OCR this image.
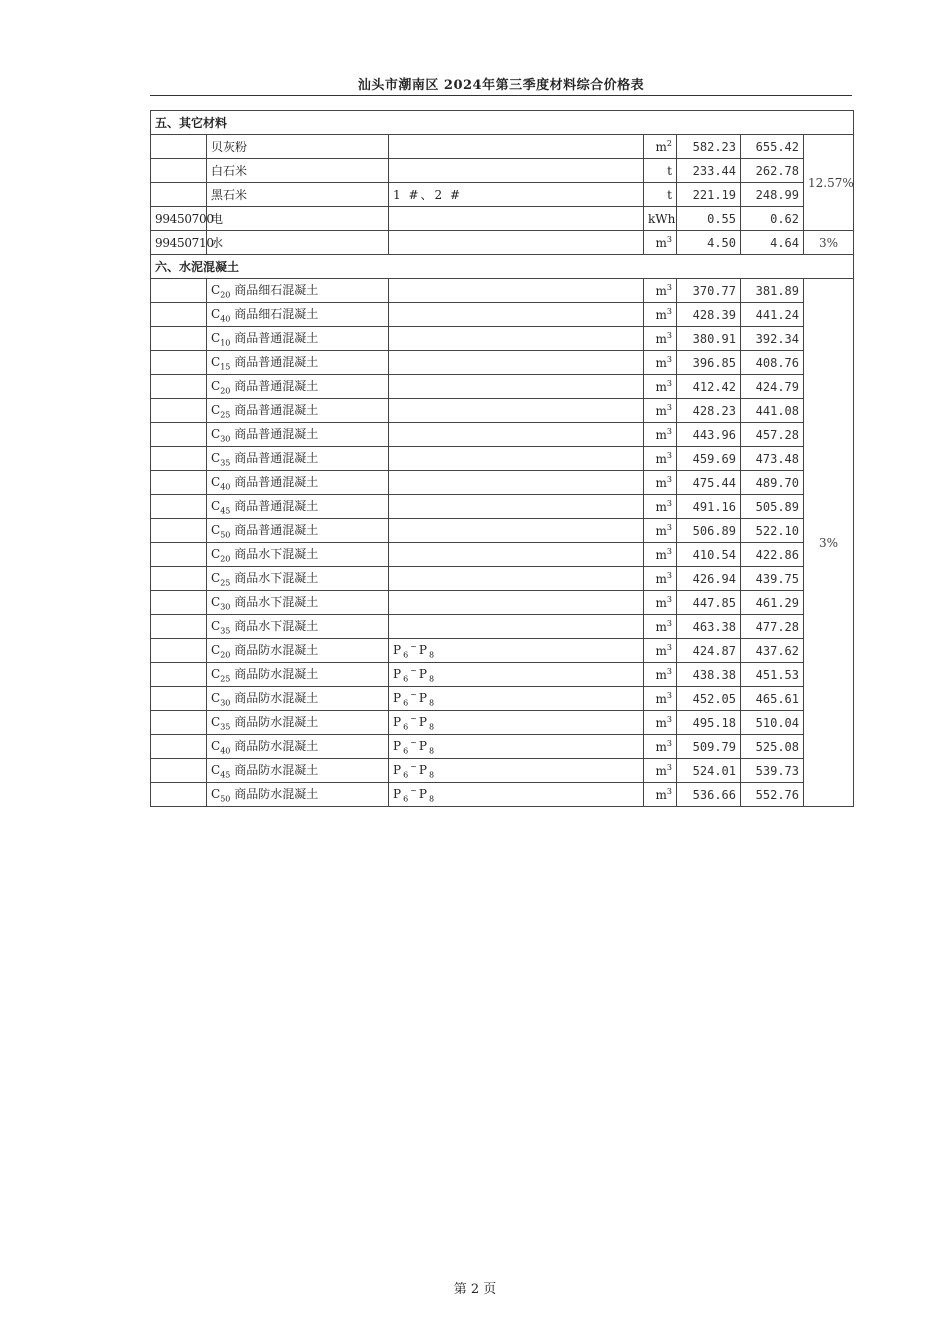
汕头市潮南区 2024年第三季度材料综合价格表
五、其它材料						
	贝灰粉		$m^2$	582.23	655.42	12.57%
	白石米		t	233.44	262.78	
	黑石米	1 #、2 #	t	221.19	248.99	
99450700	电		kWh	0.55	0.62	
99450710	水		$m^3$	4.50	4.64	3%
六、水泥混凝土						
	$C_{20}$ 商品细石混凝土		$m^3$	370.77	381.89	3%
	$C_{40}$ 商品细石混凝土		$m^3$	428.39	441.24	
	$C_{10}$ 商品普通混凝土		$m^3$	380.91	392.34	
	$C_{15}$ 商品普通混凝土		$m^3$	396.85	408.76	
	$C_{20}$ 商品普通混凝土		$m^3$	412.42	424.79	
	$C_{25}$ 商品普通混凝土		$m^3$	428.23	441.08	
	$C_{30}$ 商品普通混凝土		$m^3$	443.96	457.28	
	$C_{35}$ 商品普通混凝土		$m^3$	459.69	473.48	
	$C_{40}$ 商品普通混凝土		$m^3$	475.44	489.70	
	$C_{45}$ 商品普通混凝土		$m^3$	491.16	505.89	
	$C_{50}$ 商品普通混凝土		$m^3$	506.89	522.10	
	$C_{20}$ 商品水下混凝土		$m^3$	410.54	422.86	
	$C_{25}$ 商品水下混凝土		$m^3$	426.94	439.75	
	$C_{30}$ 商品水下混凝土		$m^3$	447.85	461.29	
	$C_{35}$ 商品水下混凝土		$m^3$	463.38	477.28	
	$C_{20}$ 商品防水混凝土	$P_6^\sim P_8$	$m^3$	424.87	437.62	
	$C_{25}$ 商品防水混凝土	$P_6^\sim P_8$	$m^3$	438.38	451.53	
	$C_{30}$ 商品防水混凝土	$P_6^\sim P_8$	$m^3$	452.05	465.61	
	$C_{35}$ 商品防水混凝土	$P_6^\sim P_8$	$m^3$	495.18	510.04	
	$C_{40}$ 商品防水混凝土	$P_6^\sim P_8$	$m^3$	509.79	525.08	
	$C_{45}$ 商品防水混凝土	$P_6^\sim P_8$	$m^3$	524.01	539.73	
	$C_{50}$ 商品防水混凝土	$P_6^\sim P_8$	$m^3$	536.66	552.76	
第 2 页
